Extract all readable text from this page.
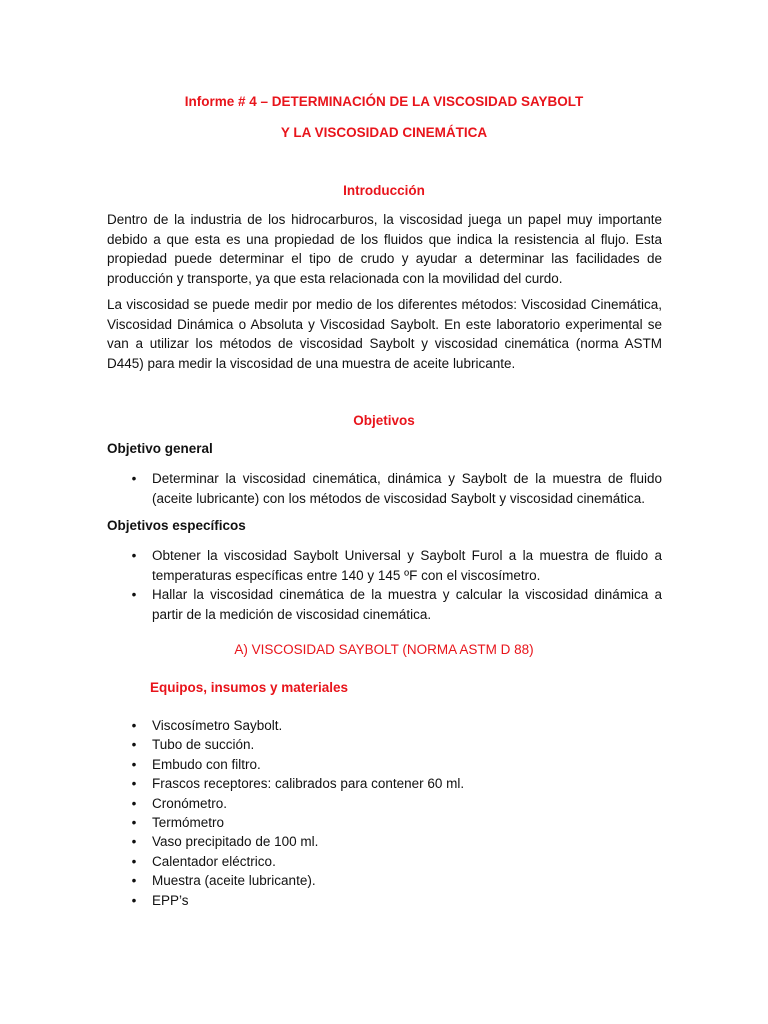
Informe # 4 – DETERMINACIÓN DE LA VISCOSIDAD SAYBOLT

Y LA VISCOSIDAD CINEMÁTICA

Introducción

Dentro de la industria de los hidrocarburos, la viscosidad juega un papel muy importante debido a que esta es una propiedad de los fluidos que indica la resistencia al flujo. Esta propiedad puede determinar el tipo de crudo y ayudar a determinar las facilidades de producción y transporte, ya que esta relacionada con la movilidad del curdo.

La viscosidad se puede medir por medio de los diferentes métodos: Viscosidad Cinemática, Viscosidad Dinámica o Absoluta y Viscosidad Saybolt. En este laboratorio experimental se van a utilizar los métodos de viscosidad Saybolt y viscosidad cinemática (norma ASTM D445) para medir la viscosidad de una muestra de aceite lubricante.

Objetivos

Objetivo general

• Determinar la viscosidad cinemática, dinámica y Saybolt de la muestra de fluido (aceite lubricante) con los métodos de viscosidad Saybolt y viscosidad cinemática.

Objetivos específicos

• Obtener la viscosidad Saybolt Universal y Saybolt Furol a la muestra de fluido a temperaturas específicas entre 140 y 145 ºF con el viscosímetro.
• Hallar la viscosidad cinemática de la muestra y calcular la viscosidad dinámica a partir de la medición de viscosidad cinemática.

A) VISCOSIDAD SAYBOLT (NORMA ASTM D 88)

Equipos, insumos y materiales

• Viscosímetro Saybolt.
• Tubo de succión.
• Embudo con filtro.
• Frascos receptores: calibrados para contener 60 ml.
• Cronómetro.
• Termómetro
• Vaso precipitado de 100 ml.
• Calentador eléctrico.
• Muestra (aceite lubricante).
• EPP’s
